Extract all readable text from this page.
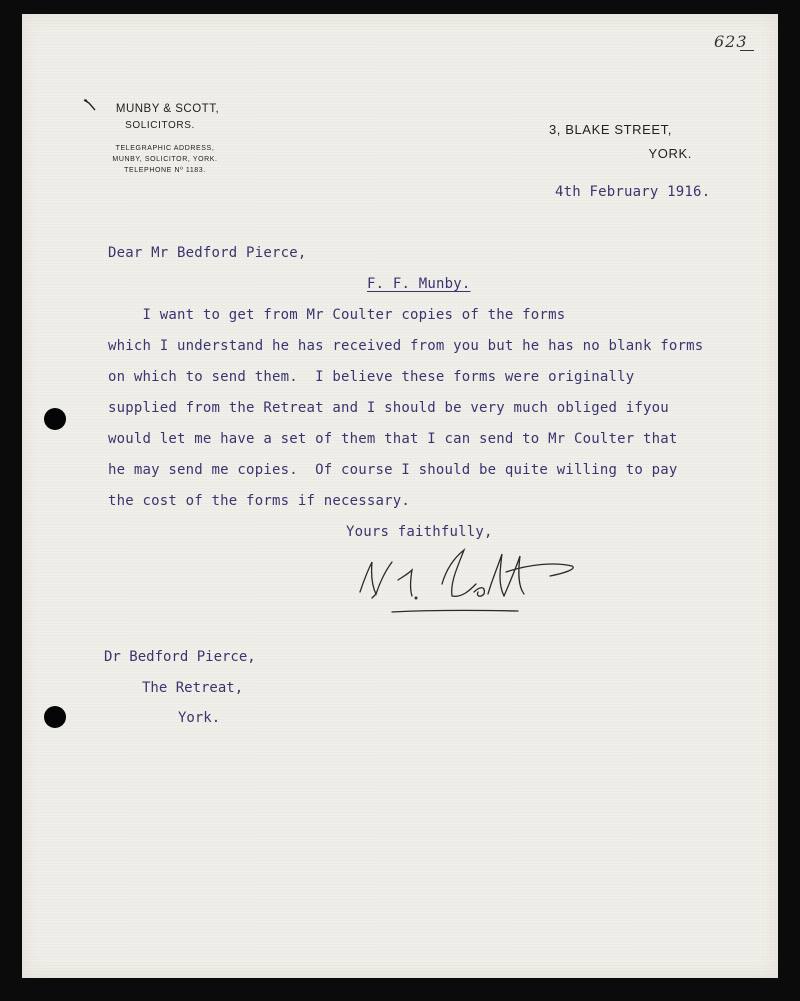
623
MUNBY & SCOTT,
SOLICITORS.
TELEGRAPHIC ADDRESS,
MUNBY, SOLICITOR, YORK.
TELEPHONE Nº 1183.
3, BLAKE STREET,
YORK.
4th February 1916.
Dear Mr Bedford Pierce,
F. F. Munby.
I want to get from Mr Coulter copies of the forms
which I understand he has received from you but he has no blank forms
on which to send them.  I believe these forms were originally
supplied from the Retreat and I should be very much obliged ifyou
would let me have a set of them that I can send to Mr Coulter that
he may send me copies.  Of course I should be quite willing to pay
the cost of the forms if necessary.
Yours faithfully,
Dr Bedford Pierce,
The Retreat,
York.
